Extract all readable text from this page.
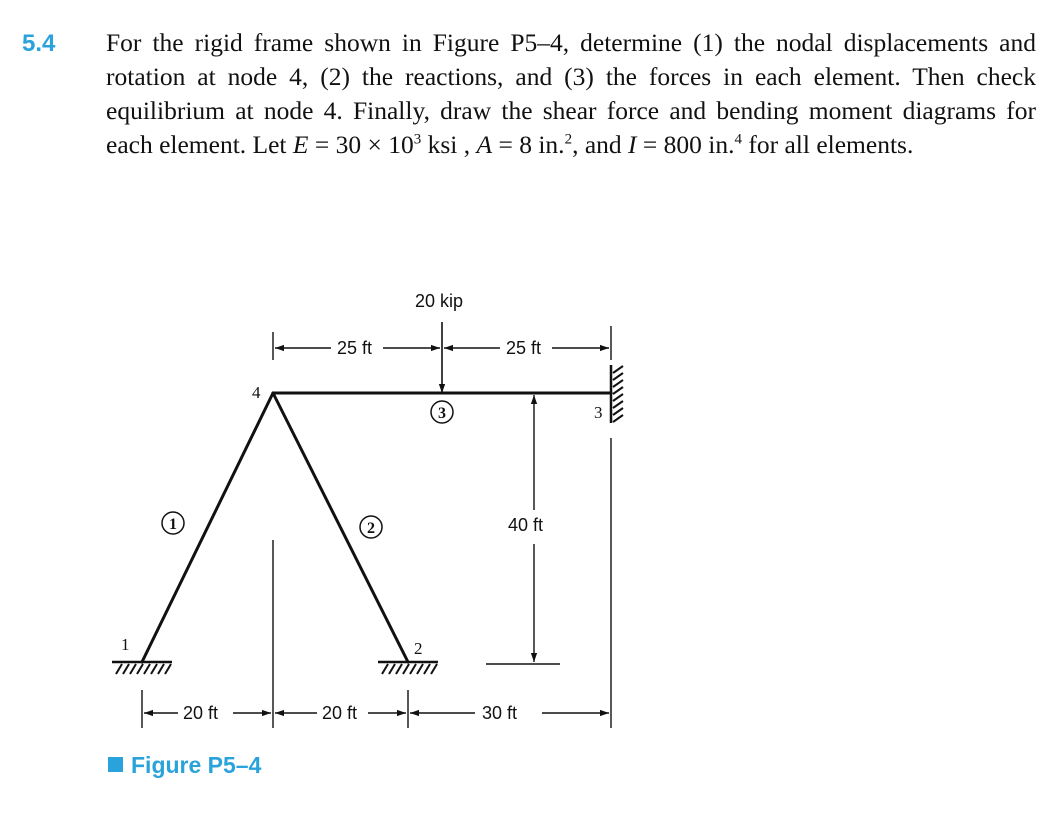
5.4 For the rigid frame shown in Figure P5–4, determine (1) the nodal displacements and rotation at node 4, (2) the reactions, and (3) the forces in each element. Then check equilibrium at node 4. Finally, draw the shear force and bending moment diagrams for each element. Let $E = 30 \times 10^3$ ksi , A = 8 in.$^2$, and I = 800 in.$^4$ for all elements.
20 kip
25 ft	25 ft
40 ft
20 ft	20 ft	30 ft
1	2
3
4
1	2
3
Figure P5–4
